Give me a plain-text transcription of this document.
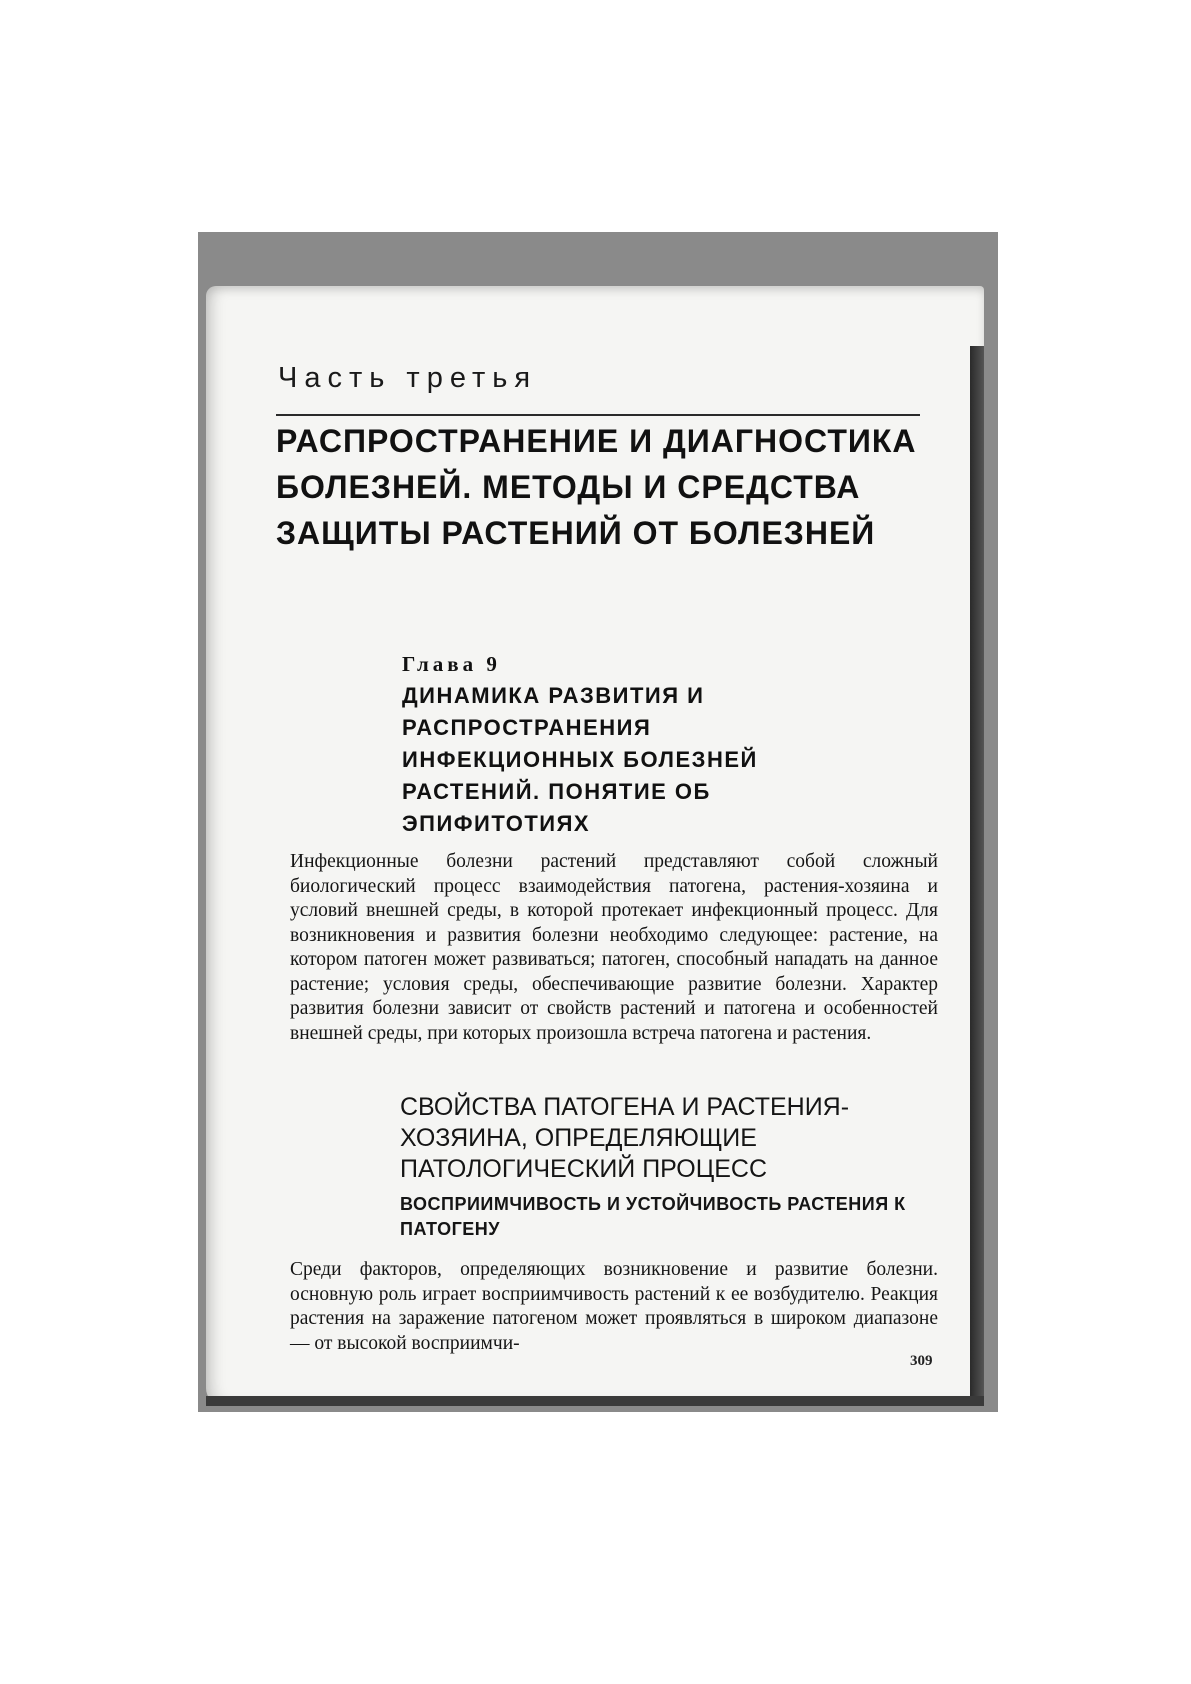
Часть третья
РАСПРОСТРАНЕНИЕ И ДИАГНОСТИКА БОЛЕЗНЕЙ. МЕТОДЫ И СРЕДСТВА ЗАЩИТЫ РАСТЕНИЙ ОТ БОЛЕЗНЕЙ
Глава 9
ДИНАМИКА РАЗВИТИЯ И РАСПРОСТРАНЕНИЯ ИНФЕКЦИОННЫХ БОЛЕЗНЕЙ РАСТЕНИЙ. ПОНЯТИЕ ОБ ЭПИФИТОТИЯХ

Инфекционные болезни растений представляют собой сложный биологический процесс взаимодействия патогена, растения-хозяина и условий внешней среды, в которой протекает инфекционный процесс. Для возникновения и развития болезни необходимо следующее: растение, на котором патоген может развиваться; патоген, способный нападать на данное растение; условия среды, обеспечивающие развитие болезни. Характер развития болезни зависит от свойств растений и патогена и особенностей внешней среды, при которых произошла встреча патогена и растения.

СВОЙСТВА ПАТОГЕНА И РАСТЕНИЯ-ХОЗЯИНА, ОПРЕДЕЛЯЮЩИЕ ПАТОЛОГИЧЕСКИЙ ПРОЦЕСС
ВОСПРИИМЧИВОСТЬ И УСТОЙЧИВОСТЬ РАСТЕНИЯ К ПАТОГЕНУ

Среди факторов, определяющих возникновение и развитие болезни. основную роль играет восприимчивость растений к ее возбудителю. Реакция растения на заражение патогеном может проявляться в широком диапазоне — от высокой восприимчи-

309
